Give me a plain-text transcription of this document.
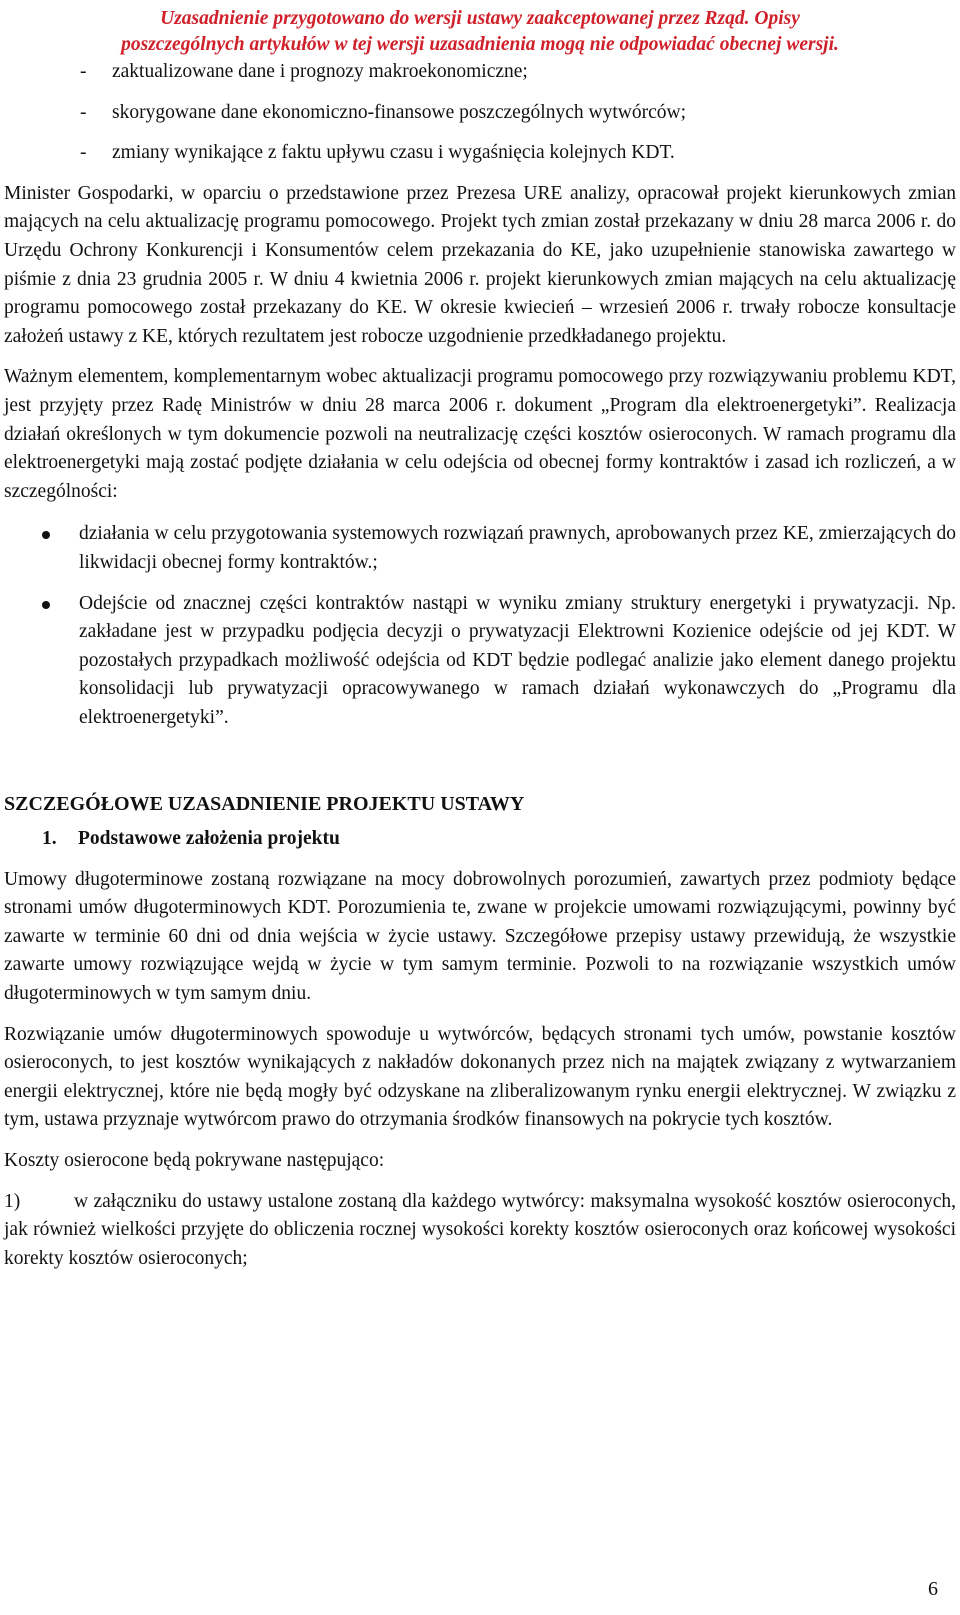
Uzasadnienie przygotowano do wersji ustawy zaakceptowanej przez Rząd. Opisy
poszczególnych artykułów w tej wersji uzasadnienia mogą nie odpowiadać obecnej wersji.
- zaktualizowane dane i prognozy makroekonomiczne;
- skorygowane dane ekonomiczno-finansowe poszczególnych wytwórców;
- zmiany wynikające z faktu upływu czasu i wygaśnięcia kolejnych KDT.

Minister Gospodarki, w oparciu o przedstawione przez Prezesa URE analizy, opracował projekt kierunkowych zmian mających na celu aktualizację programu pomocowego. Projekt tych zmian został przekazany w dniu 28 marca 2006 r. do Urzędu Ochrony Konkurencji i Konsumentów celem przekazania do KE, jako uzupełnienie stanowiska zawartego w piśmie z dnia 23 grudnia 2005 r. W dniu 4 kwietnia 2006 r. projekt kierunkowych zmian mających na celu aktualizację programu pomocowego został przekazany do KE. W okresie kwiecień – wrzesień 2006 r. trwały robocze konsultacje założeń ustawy z KE, których rezultatem jest robocze uzgodnienie przedkładanego projektu.

Ważnym elementem, komplementarnym wobec aktualizacji programu pomocowego przy rozwiązywaniu problemu KDT, jest przyjęty przez Radę Ministrów w dniu 28 marca 2006 r. dokument „Program dla elektroenergetyki”. Realizacja działań określonych w tym dokumencie pozwoli na neutralizację części kosztów osieroconych. W ramach programu dla elektroenergetyki mają zostać podjęte działania w celu odejścia od obecnej formy kontraktów i zasad ich rozliczeń, a w szczególności:

działania w celu przygotowania systemowych rozwiązań prawnych, aprobowanych przez KE, zmierzających do likwidacji obecnej formy kontraktów.;
Odejście od znacznej części kontraktów nastąpi w wyniku zmiany struktury energetyki i prywatyzacji. Np. zakładane jest w przypadku podjęcia decyzji o prywatyzacji Elektrowni Kozienice odejście od jej KDT. W pozostałych przypadkach możliwość odejścia od KDT będzie podlegać analizie jako element danego projektu konsolidacji lub prywatyzacji opracowywanego w ramach działań wykonawczych do „Programu dla elektroenergetyki”.
SZCZEGÓŁOWE UZASADNIENIE PROJEKTU USTAWY
1. Podstawowe założenia projektu

Umowy długoterminowe zostaną rozwiązane na mocy dobrowolnych porozumień, zawartych przez podmioty będące stronami umów długoterminowych KDT. Porozumienia te, zwane w projekcie umowami rozwiązującymi, powinny być zawarte w terminie 60 dni od dnia wejścia w życie ustawy. Szczegółowe przepisy ustawy przewidują, że wszystkie zawarte umowy rozwiązujące wejdą w życie w tym samym terminie. Pozwoli to na rozwiązanie wszystkich umów długoterminowych w tym samym dniu.

Rozwiązanie umów długoterminowych spowoduje u wytwórców, będących stronami tych umów, powstanie kosztów osieroconych, to jest kosztów wynikających z nakładów dokonanych przez nich na majątek związany z wytwarzaniem energii elektrycznej, które nie będą mogły być odzyskane na zliberalizowanym rynku energii elektrycznej. W związku z tym, ustawa przyznaje wytwórcom prawo do otrzymania środków finansowych na pokrycie tych kosztów.

Koszty osierocone będą pokrywane następująco:

1)	w załączniku do ustawy ustalone zostaną dla każdego wytwórcy: maksymalna wysokość kosztów osieroconych, jak również wielkości przyjęte do obliczenia rocznej wysokości korekty kosztów osieroconych oraz końcowej wysokości korekty kosztów osieroconych;

6
